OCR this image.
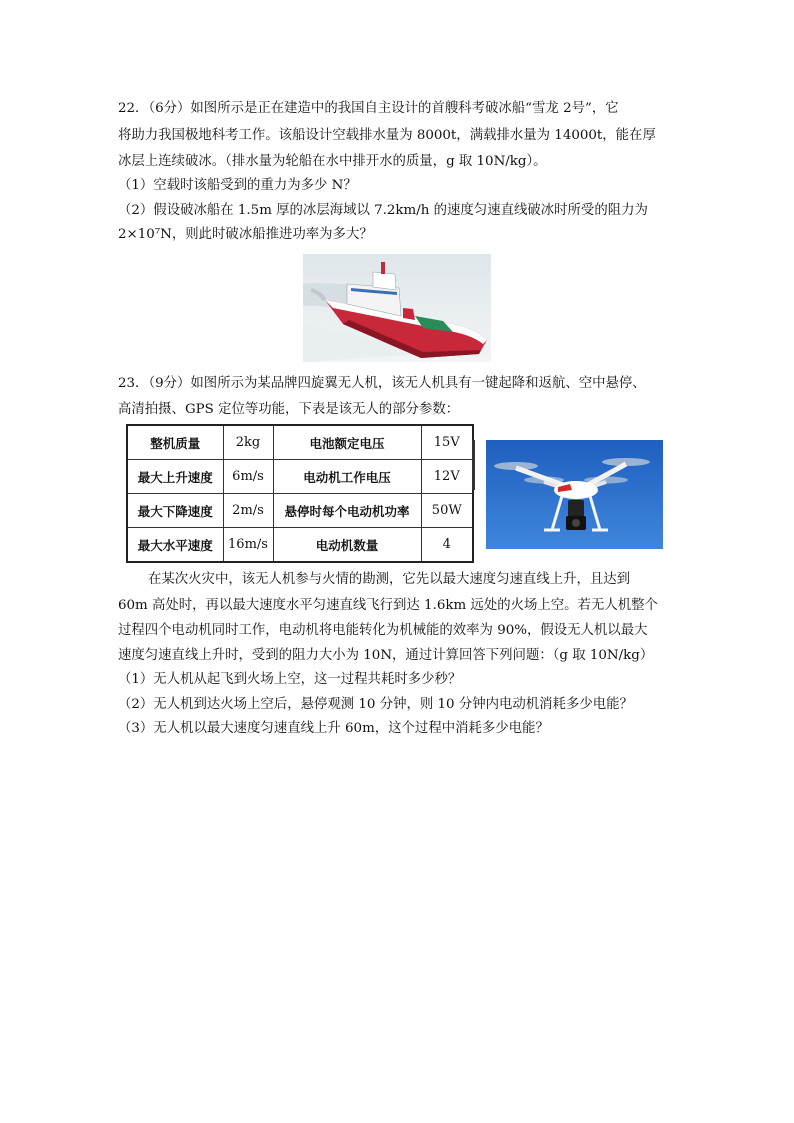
22．（6分）如图所示是正在建造中的我国自主设计的首艘科考破冰船“雪龙 2号”，它
将助力我国极地科考工作。该船设计空载排水量为 8000t，满载排水量为 14000t，能在厚
冰层上连续破冰。（排水量为轮船在水中排开水的质量，g 取 10N/kg）。
（1）空载时该船受到的重力为多少 N？
（2）假设破冰船在 1.5m 厚的冰层海域以 7.2km/h 的速度匀速直线破冰时所受的阻力为
2×10⁷N，则此时破冰船推进功率为多大？
23．（9分）如图所示为某品牌四旋翼无人机，该无人机具有一键起降和返航、空中悬停、
高清拍摄、GPS 定位等功能，下表是该无人的部分参数：
整机质量	2kg	电池额定电压	15V
最大上升速度	6m/s	电动机工作电压	12V
最大下降速度	2m/s	悬停时每个电动机功率	50W
最大水平速度	16m/s	电动机数量	4
在某次火灾中，该无人机参与火情的勘测，它先以最大速度匀速直线上升，且达到
60m 高处时，再以最大速度水平匀速直线飞行到达 1.6km 远处的火场上空。若无人机整个
过程四个电动机同时工作，电动机将电能转化为机械能的效率为 90%，假设无人机以最大
速度匀速直线上升时，受到的阻力大小为 10N，通过计算回答下列问题：（g 取 10N/kg）
（1）无人机从起飞到火场上空，这一过程共耗时多少秒？
（2）无人机到达火场上空后，悬停观测 10 分钟，则 10 分钟内电动机消耗多少电能？
（3）无人机以最大速度匀速直线上升 60m，这个过程中消耗多少电能？
